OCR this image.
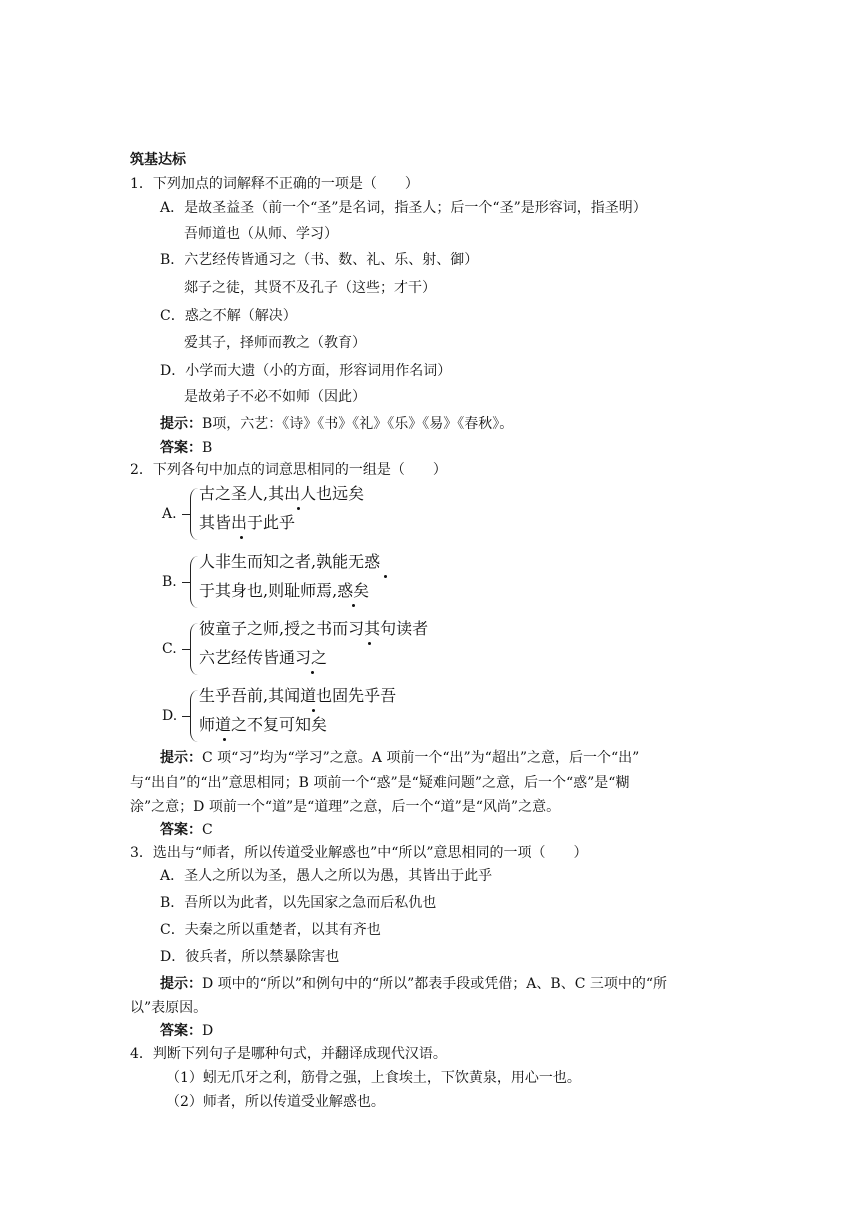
筑基达标
1．下列加点的词解释不正确的一项是（　　）
A．是故圣益圣（前一个“圣”是名词，指圣人；后一个“圣”是形容词，指圣明）
吾师道也（从师、学习）
B．六艺经传皆通习之（书、数、礼、乐、射、御）
郯子之徒，其贤不及孔子（这些；才干）
C．惑之不解（解决）
爱其子，择师而教之（教育）
D．小学而大遗（小的方面，形容词用作名词）
是故弟子不必不如师（因此）
提示：B项，六艺：《诗》《书》《礼》《乐》《易》《春秋》。
答案：B
2．下列各句中加点的词意思相同的一组是（　　）
A.
古之圣人,其出人也远矣
其皆出于此乎
B.
人非生而知之者,孰能无惑
于其身也,则耻师焉,惑矣
C.
彼童子之师,授之书而习其句读者
六艺经传皆通习之
D.
生乎吾前,其闻道也固先乎吾
师道之不复可知矣
提示：C 项“习”均为“学习”之意。A 项前一个“出”为“超出”之意，后一个“出”
与“出自”的“出”意思相同；B 项前一个“惑”是“疑难问题”之意，后一个“惑”是“糊
涂”之意；D 项前一个“道”是“道理”之意，后一个“道”是“风尚”之意。
答案：C
3．选出与“师者，所以传道受业解惑也”中“所以”意思相同的一项（　　）
A．圣人之所以为圣，愚人之所以为愚，其皆出于此乎
B．吾所以为此者，以先国家之急而后私仇也
C．夫秦之所以重楚者，以其有齐也
D．彼兵者，所以禁暴除害也
提示：D 项中的“所以”和例句中的“所以”都表手段或凭借；A、B、C 三项中的“所
以”表原因。
答案：D
4．判断下列句子是哪种句式，并翻译成现代汉语。
（1）蚓无爪牙之利，筋骨之强，上食埃土，下饮黄泉，用心一也。
（2）师者，所以传道受业解惑也。
